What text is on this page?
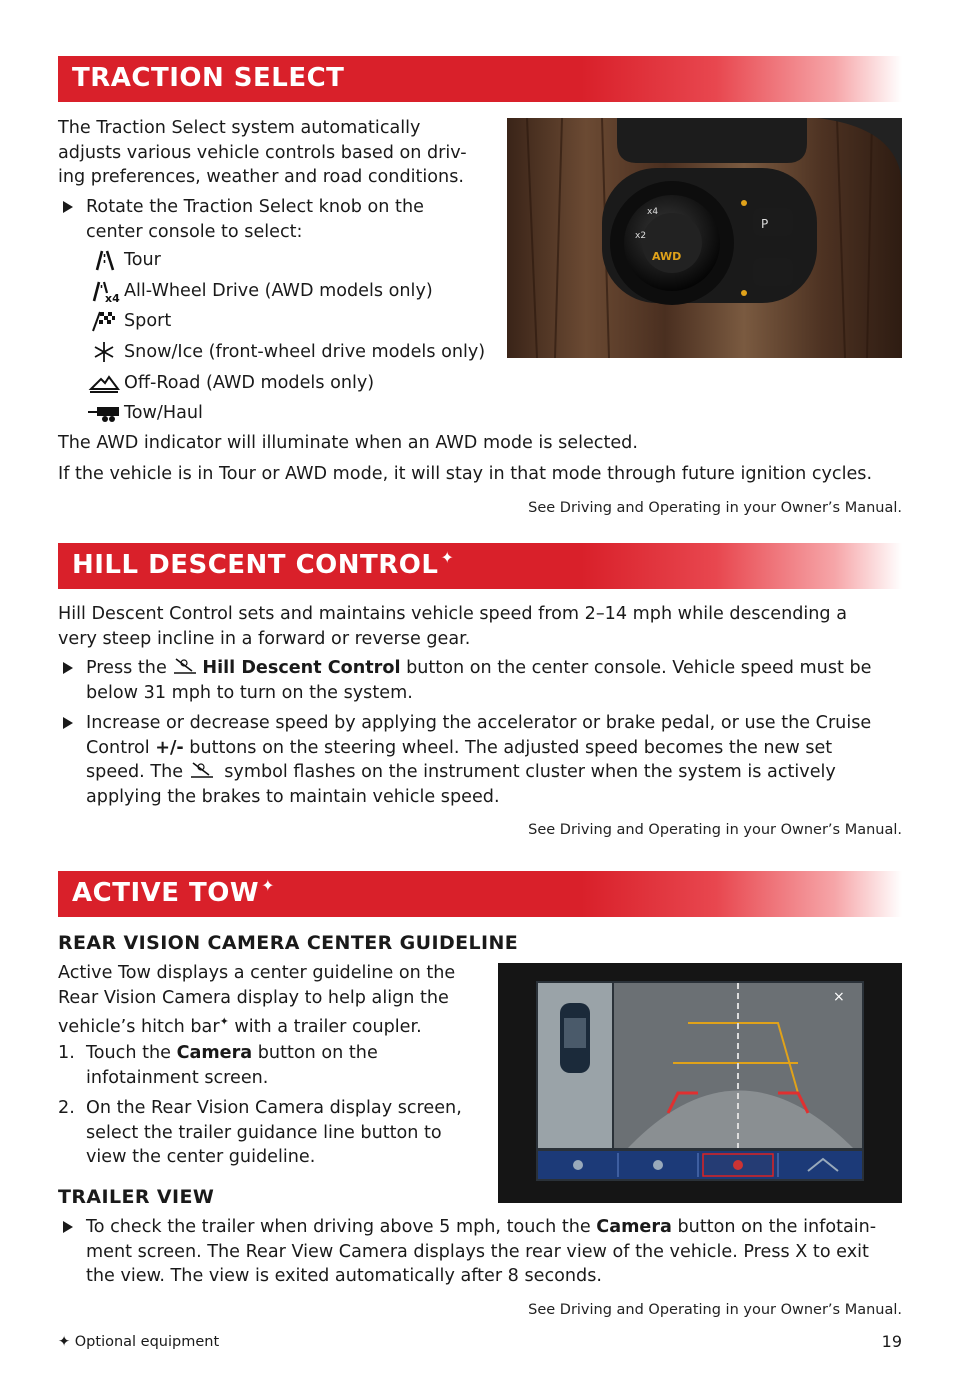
TRACTION SELECT
The Traction Select system automatically
adjusts various vehicle controls based on driv-
ing preferences, weather and road conditions.
Rotate the Traction Select knob on the
center console to select:
Tour
x4 All-Wheel Drive (AWD models only)
Sport
Snow/Ice (front-wheel drive models only)
Off-Road (AWD models only)
Tow/Haul
The AWD indicator will illuminate when an AWD mode is selected.
If the vehicle is in Tour or AWD mode, it will stay in that mode through future ignition cycles.
See Driving and Operating in your Owner’s Manual.
AWD
x4
x2
P
HILL DESCENT CONTROL ✦
Hill Descent Control sets and maintains vehicle speed from 2–14 mph while descending a
very steep incline in a forward or reverse gear.
Press the Hill Descent Control button on the center console. Vehicle speed must be
below 31 mph to turn on the system.
Increase or decrease speed by applying the accelerator or brake pedal, or use the Cruise
Control +/- buttons on the steering wheel. The adjusted speed becomes the new set
speed. The  symbol flashes on the instrument cluster when the system is actively
applying the brakes to maintain vehicle speed.
See Driving and Operating in your Owner’s Manual.
ACTIVE TOW ✦
REAR VISION CAMERA CENTER GUIDELINE
Active Tow displays a center guideline on the
Rear Vision Camera display to help align the
vehicle’s hitch bar✦ with a trailer coupler.
1. Touch the Camera button on the
infotainment screen.
2. On the Rear Vision Camera display screen,
select the trailer guidance line button to
view the center guideline.
TRAILER VIEW
To check the trailer when driving above 5 mph, touch the Camera button on the infotain-
ment screen. The Rear View Camera displays the rear view of the vehicle. Press X to exit
the view. The view is exited automatically after 8 seconds.
See Driving and Operating in your Owner’s Manual.
×
✦ Optional equipment	19
